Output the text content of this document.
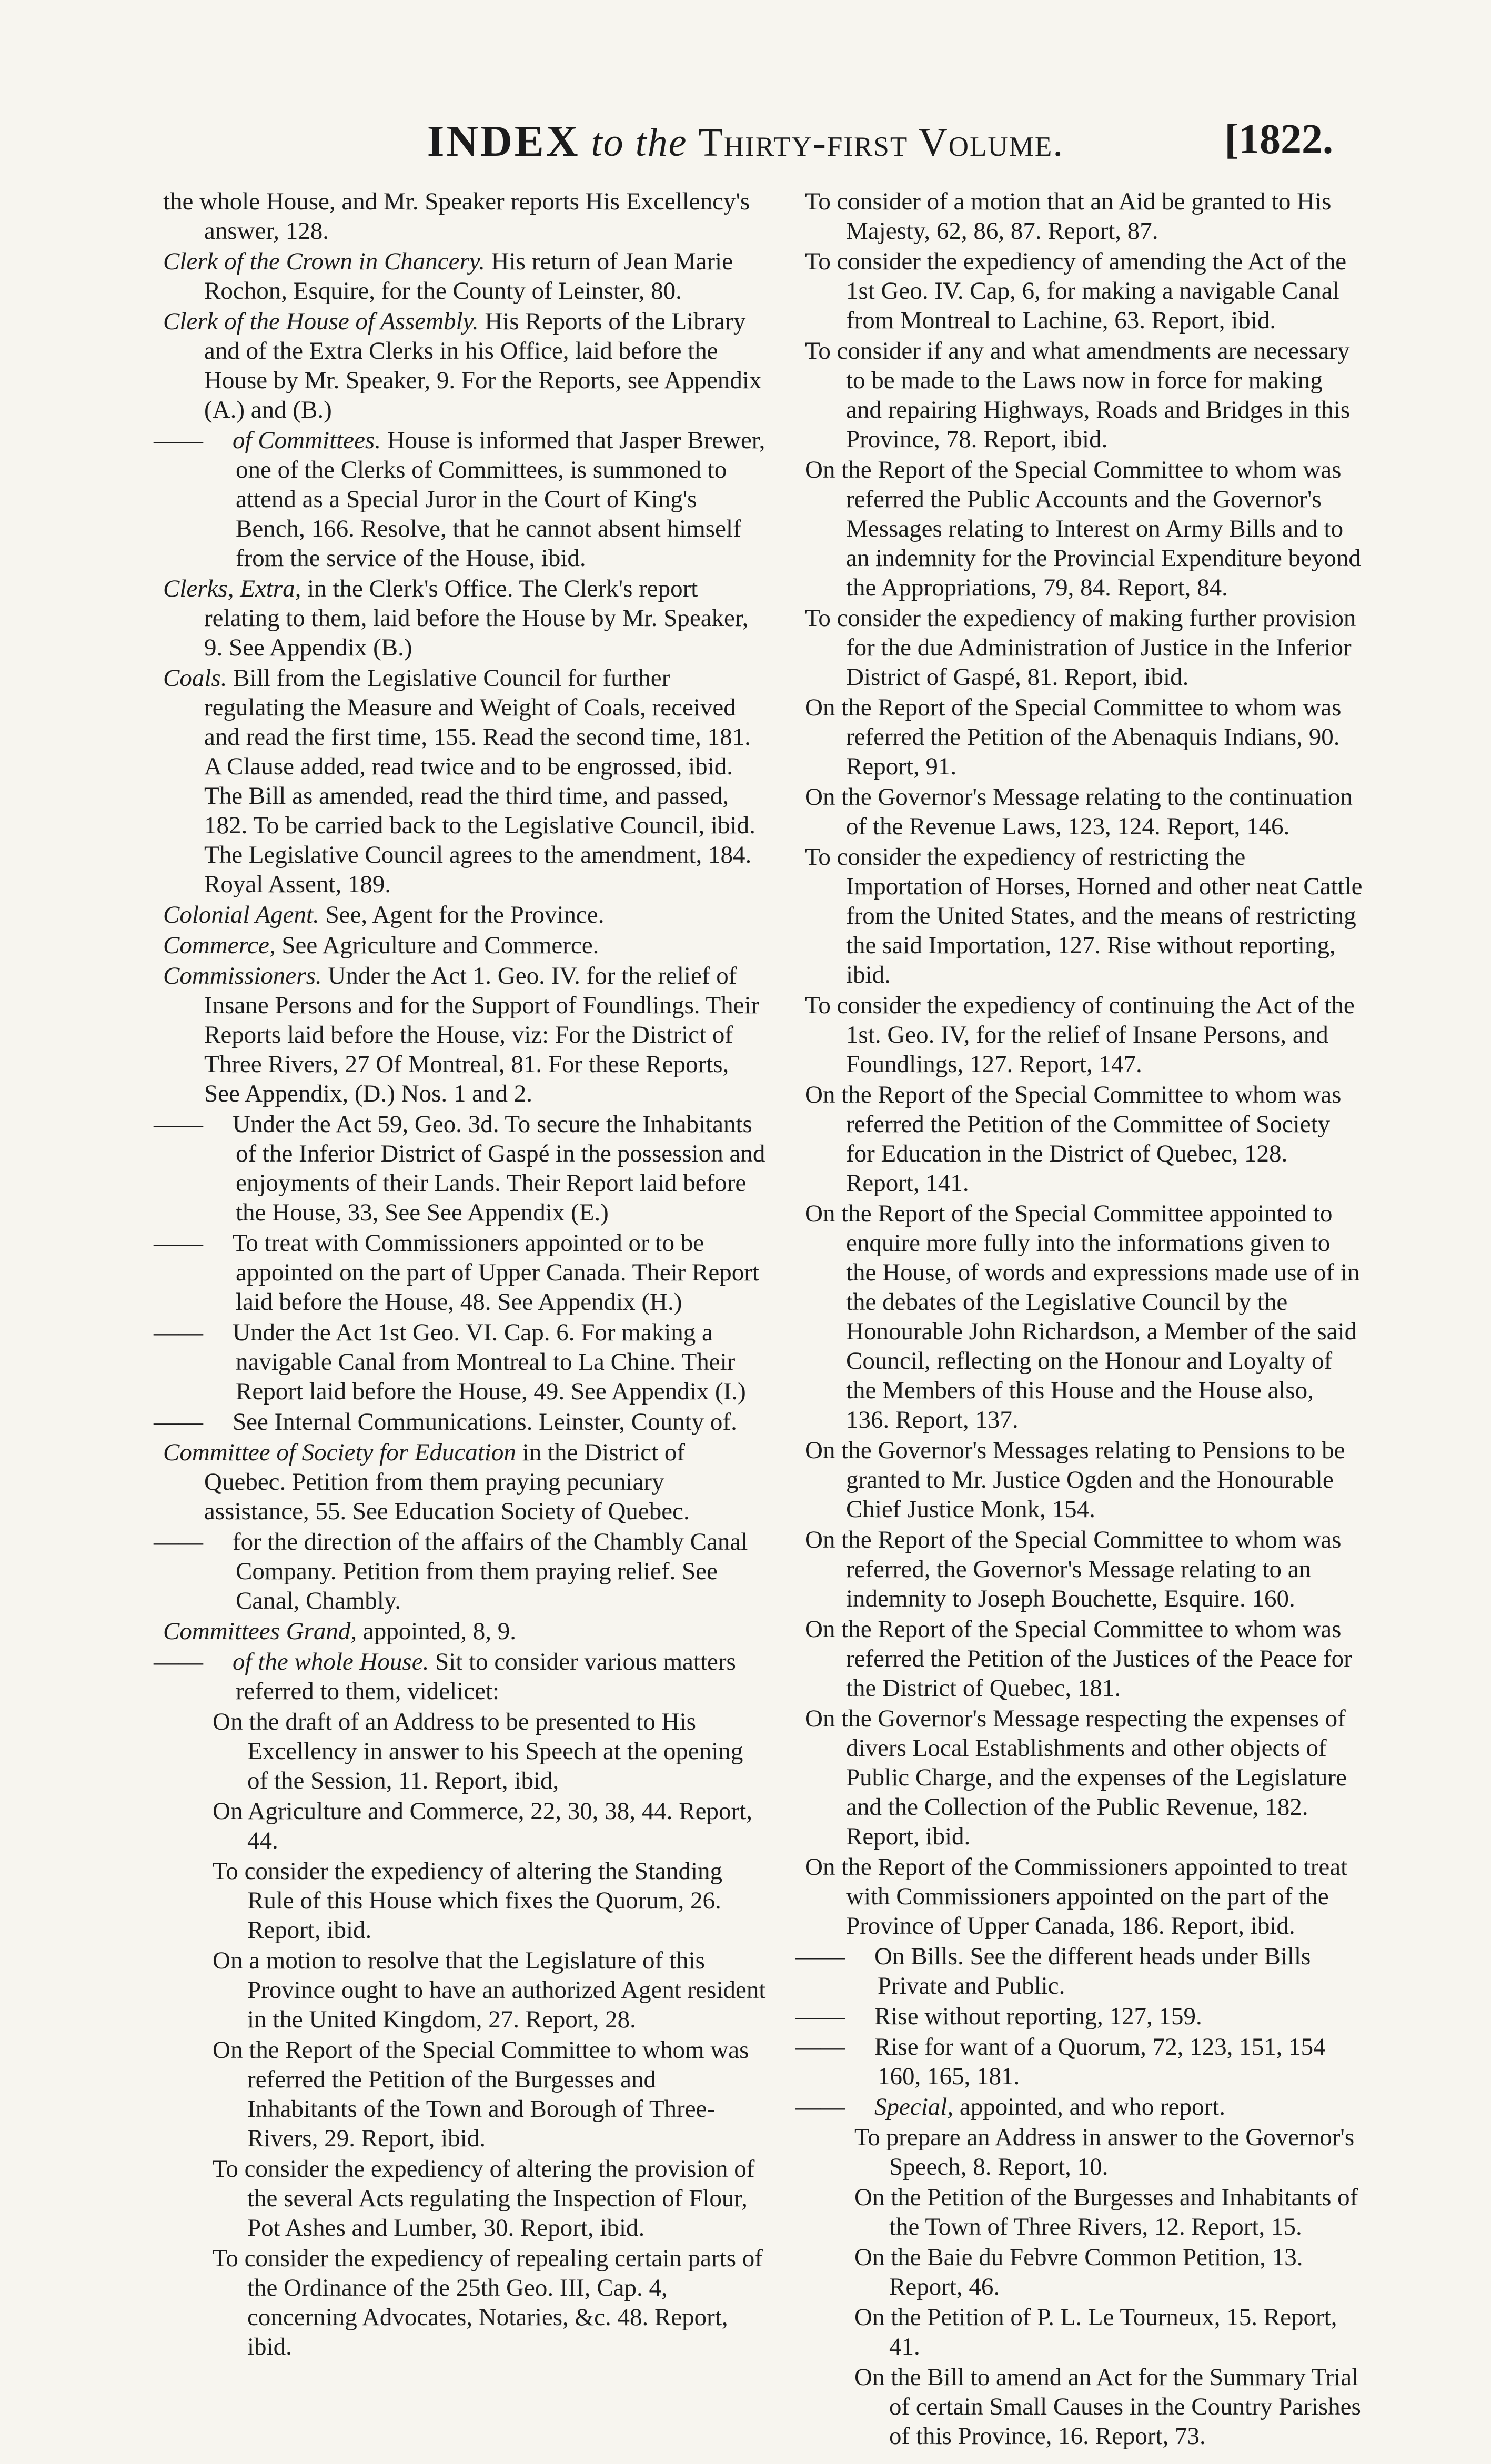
INDEX to the Thirty-first Volume.	[1822.

the whole House, and Mr. Speaker reports His Excellency's answer, 128.

Clerk of the Crown in Chancery. His return of Jean Marie Rochon, Esquire, for the County of Leinster, 80.

Clerk of the House of Assembly. His Reports of the Library and of the Extra Clerks in his Office, laid before the House by Mr. Speaker, 9. For the Reports, see Appendix (A.) and (B.)

—— of Committees. House is informed that Jasper Brewer, one of the Clerks of Committees, is summoned to attend as a Special Juror in the Court of King's Bench, 166. Resolve, that he cannot absent himself from the service of the House, ibid.

Clerks, Extra, in the Clerk's Office. The Clerk's report relating to them, laid before the House by Mr. Speaker, 9. See Appendix (B.)

Coals. Bill from the Legislative Council for further regulating the Measure and Weight of Coals, received and read the first time, 155. Read the second time, 181. A Clause added, read twice and to be engrossed, ibid. The Bill as amended, read the third time, and passed, 182. To be carried back to the Legislative Council, ibid. The Legislative Council agrees to the amendment, 184. Royal Assent, 189.

Colonial Agent. See, Agent for the Province.

Commerce, See Agriculture and Commerce.

Commissioners. Under the Act 1. Geo. IV. for the relief of Insane Persons and for the Support of Foundlings. Their Reports laid before the House, viz: For the District of Three Rivers, 27 Of Montreal, 81. For these Reports, See Appendix, (D.) Nos. 1 and 2.

—— Under the Act 59, Geo. 3d. To secure the Inhabitants of the Inferior District of Gaspé in the possession and enjoyments of their Lands. Their Report laid before the House, 33, See See Appendix (E.)

—— To treat with Commissioners appointed or to be appointed on the part of Upper Canada. Their Report laid before the House, 48. See Appendix (H.)

—— Under the Act 1st Geo. VI. Cap. 6. For making a navigable Canal from Montreal to La Chine. Their Report laid before the House, 49. See Appendix (I.)

—— See Internal Communications. Leinster, County of.

Committee of Society for Education in the District of Quebec. Petition from them praying pecuniary assistance, 55. See Education Society of Quebec.

—— for the direction of the affairs of the Chambly Canal Company. Petition from them praying relief. See Canal, Chambly.

Committees Grand, appointed, 8, 9.

—— of the whole House. Sit to consider various matters referred to them, videlicet:

On the draft of an Address to be presented to His Excellency in answer to his Speech at the opening of the Session, 11. Report, ibid,

On Agriculture and Commerce, 22, 30, 38, 44. Report, 44.

To consider the expediency of altering the Standing Rule of this House which fixes the Quorum, 26. Report, ibid.

On a motion to resolve that the Legislature of this Province ought to have an authorized Agent resident in the United Kingdom, 27. Report, 28.

On the Report of the Special Committee to whom was referred the Petition of the Burgesses and Inhabitants of the Town and Borough of Three-Rivers, 29. Report, ibid.

To consider the expediency of altering the provision of the several Acts regulating the Inspection of Flour, Pot Ashes and Lumber, 30. Report, ibid.

To consider the expediency of repealing certain parts of the Ordinance of the 25th Geo. III, Cap. 4, concerning Advocates, Notaries, &c. 48. Report, ibid.

To consider of a motion that an Aid be granted to His Majesty, 62, 86, 87. Report, 87.

To consider the expediency of amending the Act of the 1st Geo. IV. Cap, 6, for making a navigable Canal from Montreal to Lachine, 63. Report, ibid.

To consider if any and what amendments are necessary to be made to the Laws now in force for making and repairing Highways, Roads and Bridges in this Province, 78. Report, ibid.

On the Report of the Special Committee to whom was referred the Public Accounts and the Governor's Messages relating to Interest on Army Bills and to an indemnity for the Provincial Expenditure beyond the Appropriations, 79, 84. Report, 84.

To consider the expediency of making further provision for the due Administration of Justice in the Inferior District of Gaspé, 81. Report, ibid.

On the Report of the Special Committee to whom was referred the Petition of the Abenaquis Indians, 90. Report, 91.

On the Governor's Message relating to the continuation of the Revenue Laws, 123, 124. Report, 146.

To consider the expediency of restricting the Importation of Horses, Horned and other neat Cattle from the United States, and the means of restricting the said Importation, 127. Rise without reporting, ibid.

To consider the expediency of continuing the Act of the 1st. Geo. IV, for the relief of Insane Persons, and Foundlings, 127. Report, 147.

On the Report of the Special Committee to whom was referred the Petition of the Committee of Society for Education in the District of Quebec, 128. Report, 141.

On the Report of the Special Committee appointed to enquire more fully into the informations given to the House, of words and expressions made use of in the debates of the Legislative Council by the Honourable John Richardson, a Member of the said Council, reflecting on the Honour and Loyalty of the Members of this House and the House also, 136. Report, 137.

On the Governor's Messages relating to Pensions to be granted to Mr. Justice Ogden and the Honourable Chief Justice Monk, 154.

On the Report of the Special Committee to whom was referred, the Governor's Message relating to an indemnity to Joseph Bouchette, Esquire. 160.

On the Report of the Special Committee to whom was referred the Petition of the Justices of the Peace for the District of Quebec, 181.

On the Governor's Message respecting the expenses of divers Local Establishments and other objects of Public Charge, and the expenses of the Legislature and the Collection of the Public Revenue, 182. Report, ibid.

On the Report of the Commissioners appointed to treat with Commissioners appointed on the part of the Province of Upper Canada, 186. Report, ibid.

—— On Bills. See the different heads under Bills Private and Public.

—— Rise without reporting, 127, 159.

—— Rise for want of a Quorum, 72, 123, 151, 154 160, 165, 181.

—— Special, appointed, and who report.

To prepare an Address in answer to the Governor's Speech, 8. Report, 10.

On the Petition of the Burgesses and Inhabitants of the Town of Three Rivers, 12. Report, 15.

On the Baie du Febvre Common Petition, 13. Report, 46.

On the Petition of P. L. Le Tourneux, 15. Report, 41.

On the Bill to amend an Act for the Summary Trial of certain Small Causes in the Country Parishes of this Province, 16. Report, 73.
